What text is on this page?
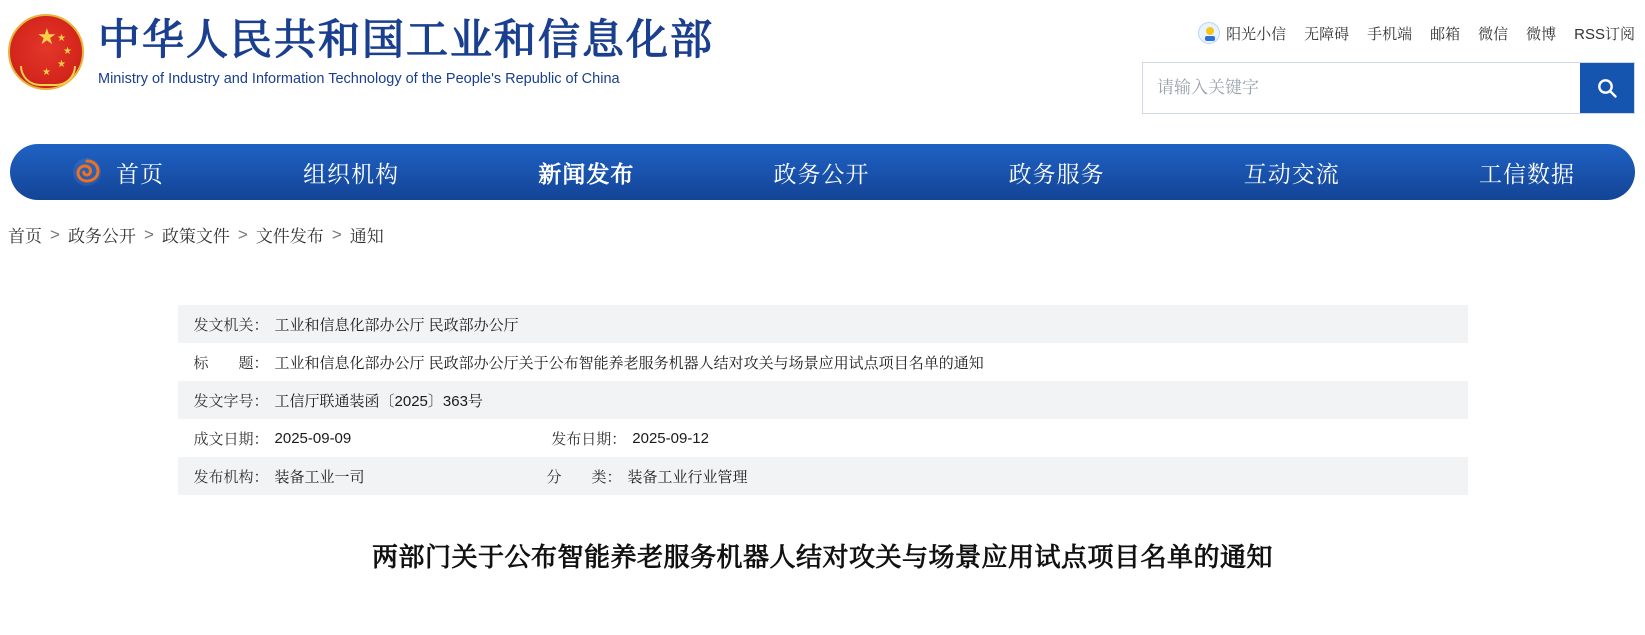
★ ★
★
★
★
中华人民共和国工业和信息化部
Ministry of Industry and Information Technology of the People's Republic of China
阳光小信 无障碍 手机端 邮箱 微信 微博 RSS订阅
请输入关键字
首页	组织机构	新闻发布	政务公开	政务服务	互动交流	工信数据
首页 > 政务公开 > 政策文件 > 文件发布 > 通知
发文机关： 工业和信息化部办公厅 民政部办公厅
标　　题： 工业和信息化部办公厅 民政部办公厅关于公布智能养老服务机器人结对攻关与场景应用试点项目名单的通知
发文字号： 工信厅联通装函〔2025〕363号
成文日期： 2025-09-09	发布日期： 2025-09-12
发布机构： 装备工业一司	分　　类： 装备工业行业管理
两部门关于公布智能养老服务机器人结对攻关与场景应用试点项目名单的通知
